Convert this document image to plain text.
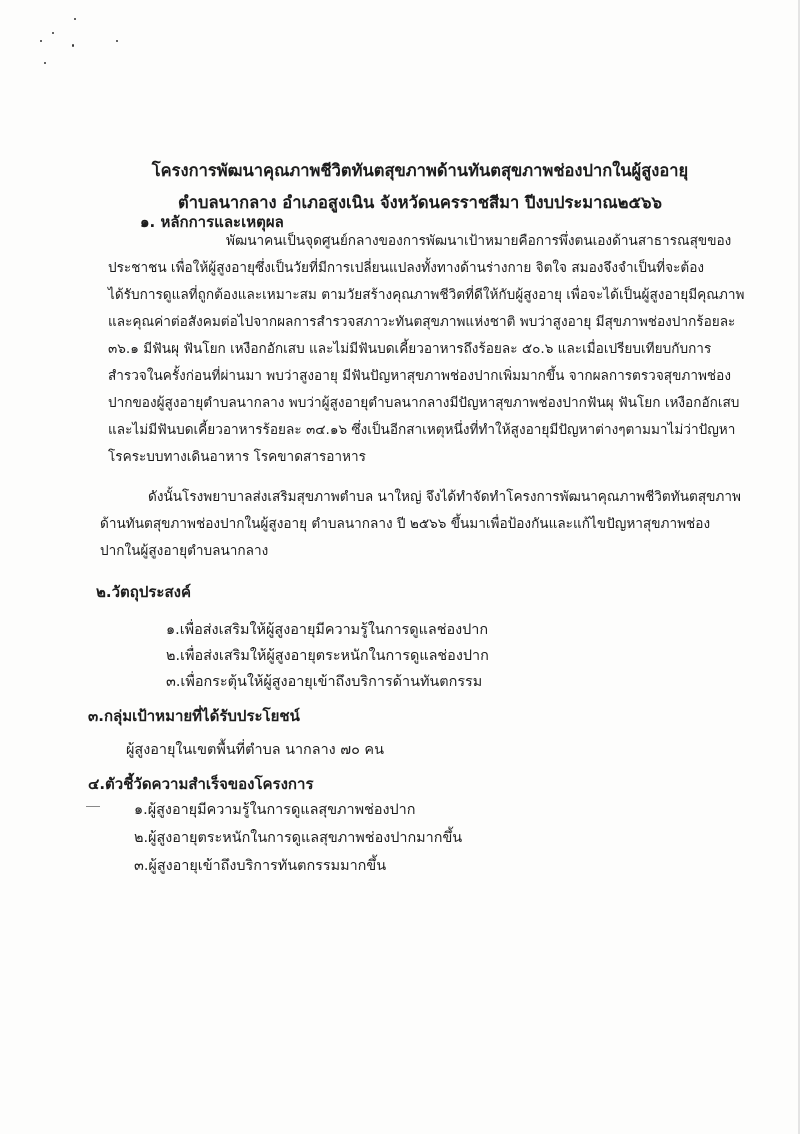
โครงการพัฒนาคุณภาพชีวิตทันตสุขภาพด้านทันตสุขภาพช่องปากในผู้สูงอายุ
ตำบลนากลาง อำเภอสูงเนิน จังหวัดนครราชสีมา ปีงบประมาณ๒๕๖๖
๑. หลักการและเหตุผล
พัฒนาคนเป็นจุดศูนย์กลางของการพัฒนาเป้าหมายคือการพึ่งตนเองด้านสาธารณสุขของ
ประชาชน เพื่อให้ผู้สูงอายุซึ่งเป็นวัยที่มีการเปลี่ยนแปลงทั้งทางด้านร่างกาย จิตใจ สมองจึงจำเป็นที่จะต้อง
ได้รับการดูแลที่ถูกต้องและเหมาะสม ตามวัยสร้างคุณภาพชีวิตที่ดีให้กับผู้สูงอายุ เพื่อจะได้เป็นผู้สูงอายุมีคุณภาพ
และคุณค่าต่อสังคมต่อไปจากผลการสำรวจสภาวะทันตสุขภาพแห่งชาติ พบว่าสูงอายุ มีสุขภาพช่องปากร้อยละ
๓๖.๑ มีฟันผุ ฟันโยก เหงือกอักเสบ และไม่มีฟันบดเคี้ยวอาหารถึงร้อยละ ๕๐.๖ และเมื่อเปรียบเทียบกับการ
สำรวจในครั้งก่อนที่ผ่านมา พบว่าสูงอายุ มีฟันปัญหาสุขภาพช่องปากเพิ่มมากขึ้น จากผลการตรวจสุขภาพช่อง
ปากของผู้สูงอายุตำบลนากลาง พบว่าผู้สูงอายุตำบลนากลางมีปัญหาสุขภาพช่องปากฟันผุ ฟันโยก เหงือกอักเสบ
และไม่มีฟันบดเคี้ยวอาหารร้อยละ ๓๔.๑๖ ซึ่งเป็นอีกสาเหตุหนึ่งที่ทำให้สูงอายุมีปัญหาต่างๆตามมาไม่ว่าปัญหา
โรคระบบทางเดินอาหาร โรคขาดสารอาหาร
ดังนั้นโรงพยาบาลส่งเสริมสุขภาพตำบล นาใหญ่ จึงได้ทำจัดทำโครงการพัฒนาคุณภาพชีวิตทันตสุขภาพ
ด้านทันตสุขภาพช่องปากในผู้สูงอายุ ตำบลนากลาง ปี ๒๕๖๖ ขึ้นมาเพื่อป้องกันและแก้ไขปัญหาสุขภาพช่อง
ปากในผู้สูงอายุตำบลนากลาง
๒.วัตถุประสงค์
๑.เพื่อส่งเสริมให้ผู้สูงอายุมีความรู้ในการดูแลช่องปาก
๒.เพื่อส่งเสริมให้ผู้สูงอายุตระหนักในการดูแลช่องปาก
๓.เพื่อกระตุ้นให้ผู้สูงอายุเข้าถึงบริการด้านทันตกรรม
๓.กลุ่มเป้าหมายที่ได้รับประโยชน์
ผู้สูงอายุในเขตพื้นที่ตำบล นากลาง ๗๐ คน
๔.ตัวชี้วัดความสำเร็จของโครงการ
๑.ผู้สูงอายุมีความรู้ในการดูแลสุขภาพช่องปาก
๒.ผู้สูงอายุตระหนักในการดูแลสุขภาพช่องปากมากขึ้น
๓.ผู้สูงอายุเข้าถึงบริการทันตกรรมมากขึ้น
